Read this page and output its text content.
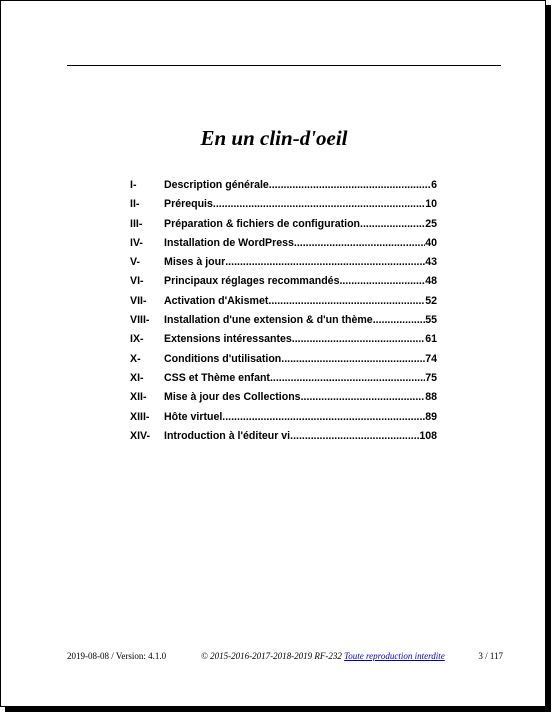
En un clin-d'oeil
I-	Description générale .....	6
II-	Prérequis .....	10
III-	Préparation & fichiers de configuration .....	25
IV-	Installation de WordPress .....	40
V-	Mises à jour .....	43
VI-	Principaux réglages recommandés .....	48
VII-	Activation d'Akismet .....	52
VIII-	Installation d'une extension & d'un thème .....	55
IX-	Extensions intéressantes .....	61
X-	Conditions d'utilisation .....	74
XI-	CSS et Thème enfant .....	75
XII-	Mise à jour des Collections .....	88
XIII-	Hôte virtuel .....	89
XIV-	Introduction à l'éditeur vi .....	108
2019-08-08 / Version: 4.1.0	© 2015-2016-2017-2018-2019 RF-232 Toute reproduction interdite	3 / 117
